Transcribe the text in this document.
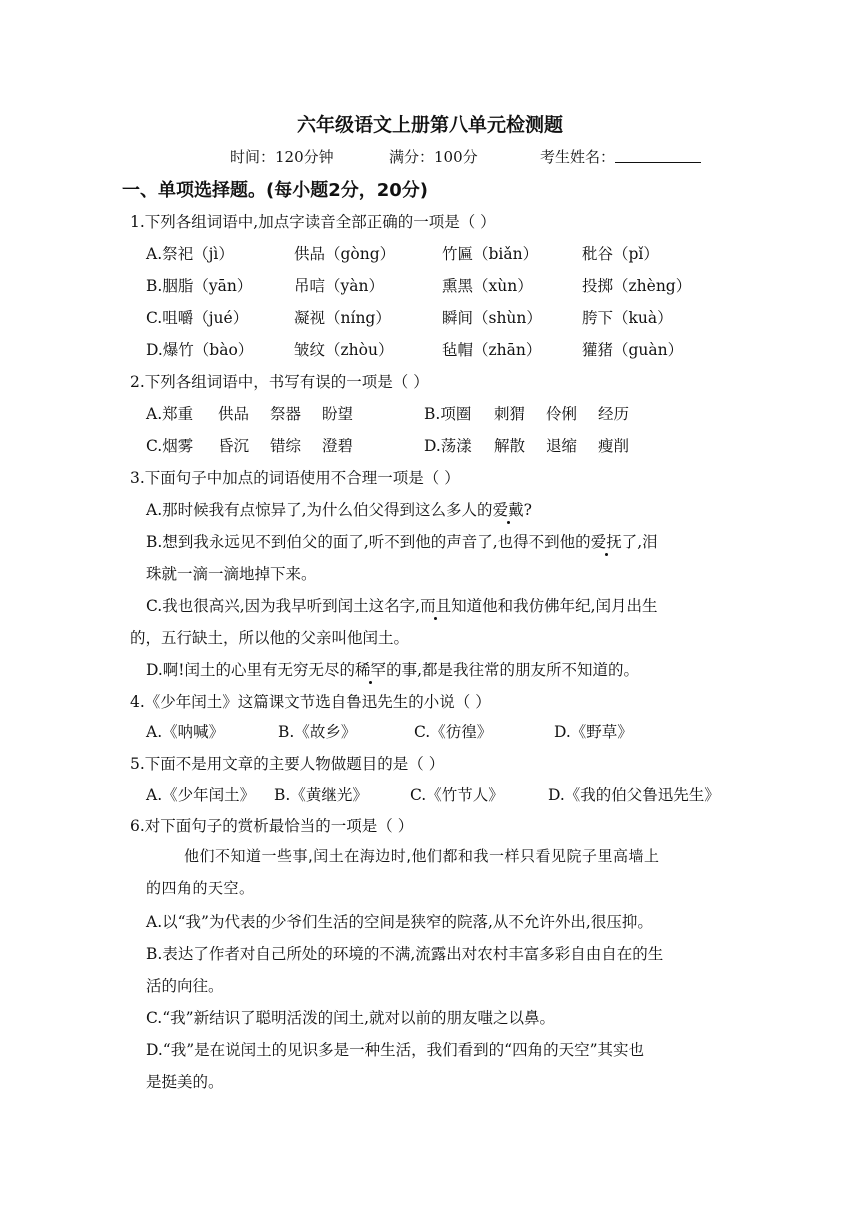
六年级语文上册第八单元检测题
时间：120分钟	满分：100分	考生姓名：
一、单项选择题。(每小题2分，20分)
1.下列各组词语中,加点字读音全部正确的一项是（ ）
A.祭祀（jì）	供品（gòng）	竹匾（biǎn）	秕谷（pǐ）
B.胭脂（yān）	吊唁（yàn）	熏黑（xùn）	投掷（zhèng）
C.咀嚼（jué）	凝视（níng）	瞬间（shùn）	胯下（kuà）
D.爆竹（bào）	皱纹（zhòu）	毡帽（zhān）	獾猪（guàn）
2.下列各组词语中，书写有误的一项是（ ）
A.郑重 供品 祭器 盼望	B.项圈 刺猬 伶俐 经历
C.烟雾 昏沉 错综 澄碧	D.荡漾 解散 退缩 瘦削
3.下面句子中加点的词语使用不合理一项是（ ）
A.那时候我有点惊异了,为什么伯父得到这么多人的爱戴?
B.想到我永远见不到伯父的面了,听不到他的声音了,也得不到他的爱抚了,泪
珠就一滴一滴地掉下来。
C.我也很高兴,因为我早听到闰土这名字,而且知道他和我仿佛年纪,闰月出生
的，五行缺土，所以他的父亲叫他闰土。
D.啊!闰土的心里有无穷无尽的稀罕的事,都是我往常的朋友所不知道的。
4.《少年闰土》这篇课文节选自鲁迅先生的小说（ ）
A.《呐喊》	B.《故乡》	C.《彷徨》	D.《野草》
5.下面不是用文章的主要人物做题目的是（ ）
A.《少年闰土》 B.《黄继光》	C.《竹节人》	D.《我的伯父鲁迅先生》
6.对下面句子的赏析最恰当的一项是（ ）
他们不知道一些事,闰土在海边时,他们都和我一样只看见院子里高墙上
的四角的天空。
A.以“我”为代表的少爷们生活的空间是狭窄的院落,从不允许外出,很压抑。
B.表达了作者对自己所处的环境的不满,流露出对农村丰富多彩自由自在的生
活的向往。
C.“我”新结识了聪明活泼的闰土,就对以前的朋友嗤之以鼻。
D.“我”是在说闰土的见识多是一种生活，我们看到的“四角的天空”其实也
是挺美的。
